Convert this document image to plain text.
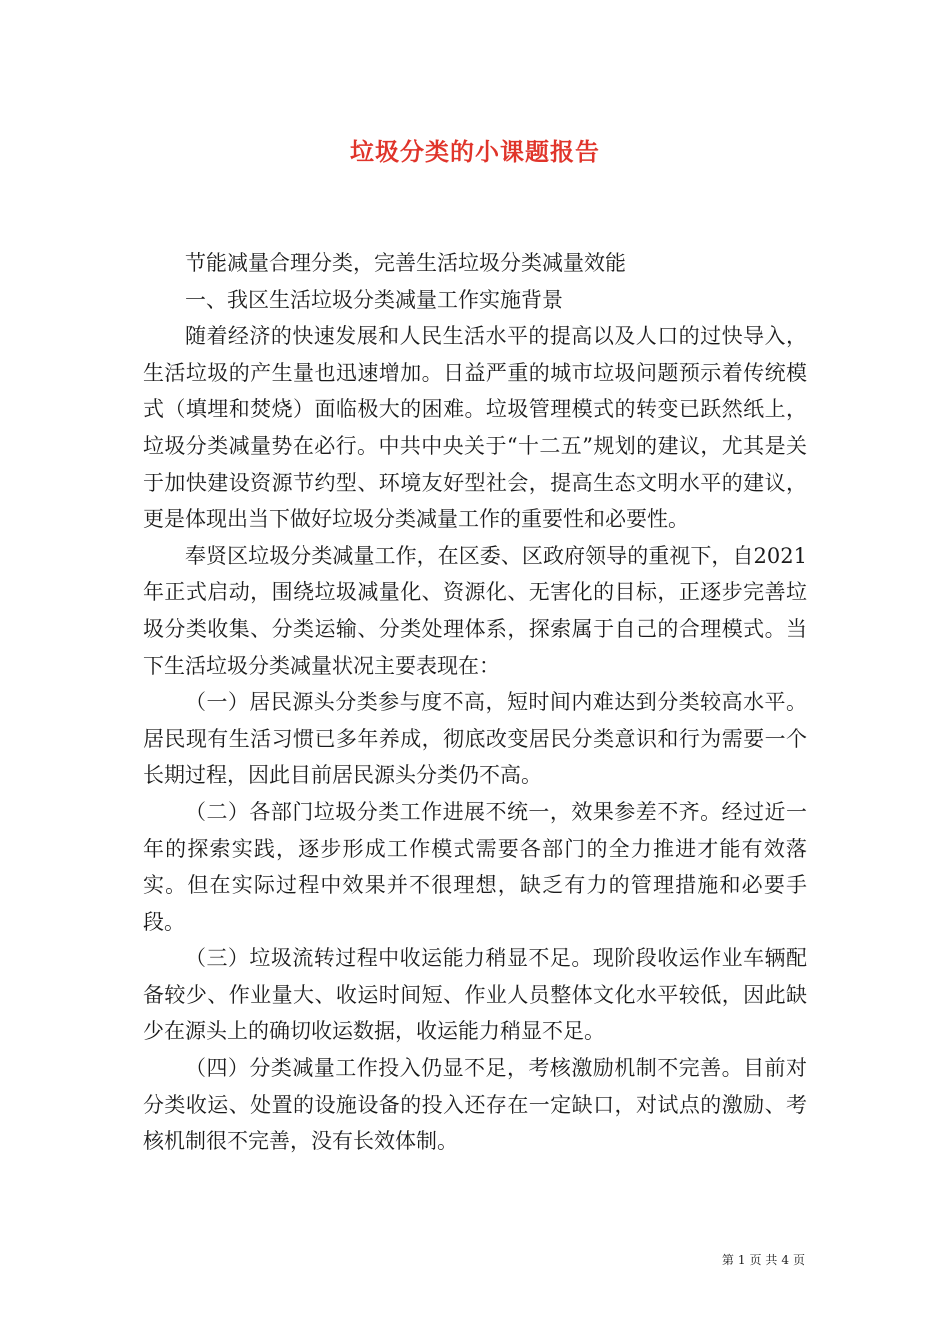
垃圾分类的小课题报告

节能减量合理分类，完善生活垃圾分类减量效能

一、我区生活垃圾分类减量工作实施背景

随着经济的快速发展和人民生活水平的提高以及人口的过快导入，生活垃圾的产生量也迅速增加。日益严重的城市垃圾问题预示着传统模式（填埋和焚烧）面临极大的困难。垃圾管理模式的转变已跃然纸上，垃圾分类减量势在必行。中共中央关于“十二五”规划的建议，尤其是关于加快建设资源节约型、环境友好型社会，提高生态文明水平的建议，更是体现出当下做好垃圾分类减量工作的重要性和必要性。

奉贤区垃圾分类减量工作，在区委、区政府领导的重视下，自2021年正式启动，围绕垃圾减量化、资源化、无害化的目标，正逐步完善垃圾分类收集、分类运输、分类处理体系，探索属于自己的合理模式。当下生活垃圾分类减量状况主要表现在：

（一）居民源头分类参与度不高，短时间内难达到分类较高水平。居民现有生活习惯已多年养成，彻底改变居民分类意识和行为需要一个长期过程，因此目前居民源头分类仍不高。

（二）各部门垃圾分类工作进展不统一，效果参差不齐。经过近一年的探索实践，逐步形成工作模式需要各部门的全力推进才能有效落实。但在实际过程中效果并不很理想，缺乏有力的管理措施和必要手段。

（三）垃圾流转过程中收运能力稍显不足。现阶段收运作业车辆配备较少、作业量大、收运时间短、作业人员整体文化水平较低，因此缺少在源头上的确切收运数据，收运能力稍显不足。

（四）分类减量工作投入仍显不足，考核激励机制不完善。目前对分类收运、处置的设施设备的投入还存在一定缺口，对试点的激励、考核机制很不完善，没有长效体制。

第 1 页 共 4 页
